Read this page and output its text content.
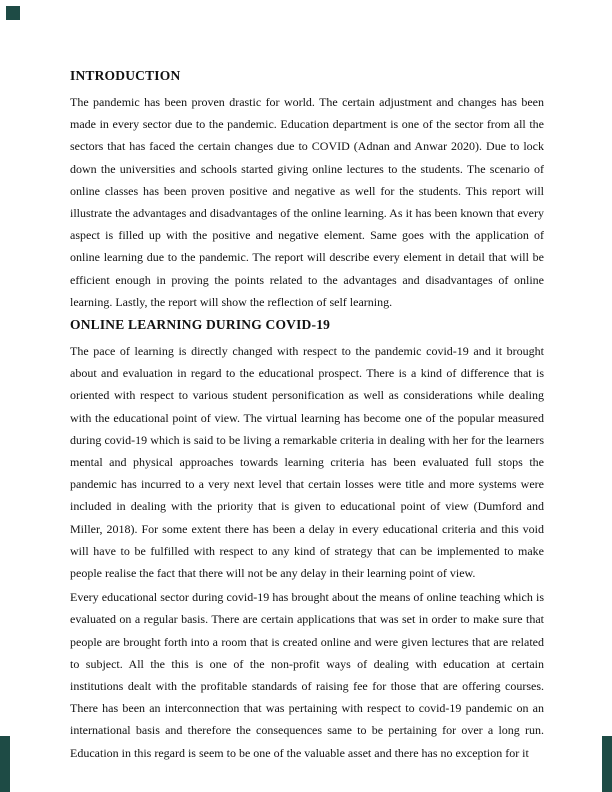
INTRODUCTION

The pandemic has been proven drastic for world. The certain adjustment and changes has been made in every sector due to the pandemic. Education department is one of the sector from all the sectors that has faced the certain changes due to COVID (Adnan and Anwar 2020). Due to lock down the universities and schools started giving online lectures to the students. The scenario of online classes has been proven positive and negative as well for the students. This report will illustrate the advantages and disadvantages of the online learning. As it has been known that every aspect is filled up with the positive and negative element. Same goes with the application of online learning due to the pandemic. The report will describe every element in detail that will be efficient enough in proving the points related to the advantages and disadvantages of online learning. Lastly, the report will show the reflection of self learning.

ONLINE LEARNING DURING COVID-19

The pace of learning is directly changed with respect to the pandemic covid-19 and it brought about and evaluation in regard to the educational prospect. There is a kind of difference that is oriented with respect to various student personification as well as considerations while dealing with the educational point of view. The virtual learning has become one of the popular measured during covid-19 which is said to be living a remarkable criteria in dealing with her for the learners mental and physical approaches towards learning criteria has been evaluated full stops the pandemic has incurred to a very next level that certain losses were title and more systems were included in dealing with the priority that is given to educational point of view (Dumford and Miller, 2018). For some extent there has been a delay in every educational criteria and this void will have to be fulfilled with respect to any kind of strategy that can be implemented to make people realise the fact that there will not be any delay in their learning point of view.

Every educational sector during covid-19 has brought about the means of online teaching which is evaluated on a regular basis. There are certain applications that was set in order to make sure that people are brought forth into a room that is created online and were given lectures that are related to subject. All the this is one of the non-profit ways of dealing with education at certain institutions dealt with the profitable standards of raising fee for those that are offering courses. There has been an interconnection that was pertaining with respect to covid-19 pandemic on an international basis and therefore the consequences same to be pertaining for over a long run. Education in this regard is seem to be one of the valuable asset and there has no exception for it
